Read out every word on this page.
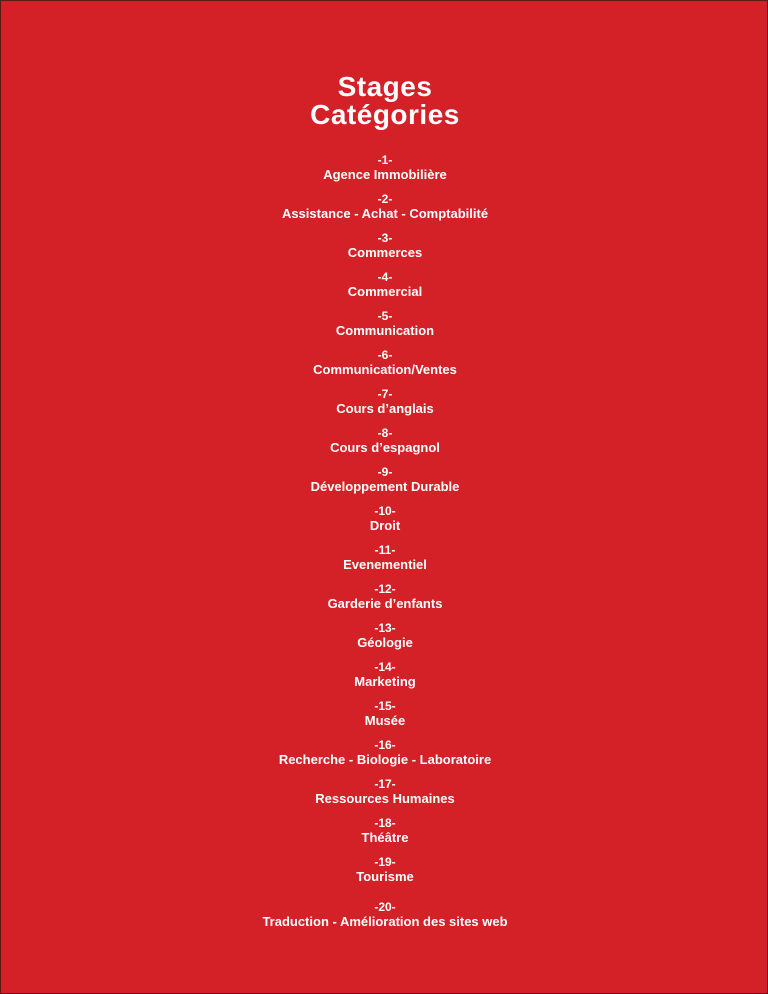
Stages
Catégories
-1-
Agence Immobilière
-2-
Assistance - Achat - Comptabilité
-3-
Commerces
-4-
Commercial
-5-
Communication
-6-
Communication/Ventes
-7-
Cours d’anglais
-8-
Cours d’espagnol
-9-
Développement Durable
-10-
Droit
-11-
Evenementiel
-12-
Garderie d’enfants
-13-
Géologie
-14-
Marketing
-15-
Musée
-16-
Recherche - Biologie - Laboratoire
-17-
Ressources Humaines
-18-
Théâtre
-19-
Tourisme
-20-
Traduction - Amélioration des sites web
